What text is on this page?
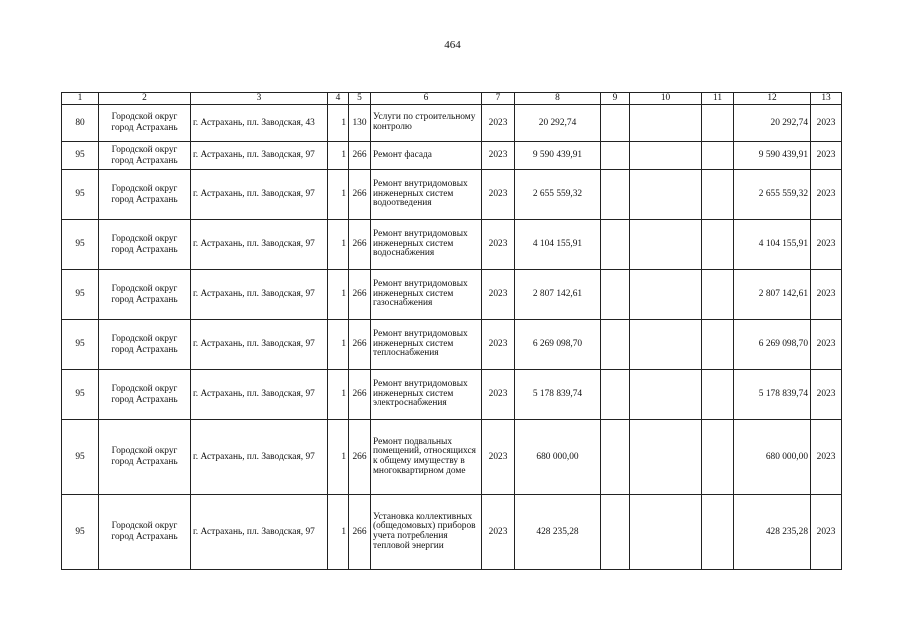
464
1	2	3	4	5	6	7	8	9	10	11	12	13
80	Городской округ город Астрахань	г. Астрахань, пл. Заводская, 43	1	130	Услуги по строительному контролю	2023	20 292,74				20 292,74	2023
95	Городской округ город Астрахань	г. Астрахань, пл. Заводская, 97	1	266	Ремонт фасада	2023	9 590 439,91				9 590 439,91	2023
95	Городской округ город Астрахань	г. Астрахань, пл. Заводская, 97	1	266	Ремонт внутридомовых инженерных систем водоотведения	2023	2 655 559,32				2 655 559,32	2023
95	Городской округ город Астрахань	г. Астрахань, пл. Заводская, 97	1	266	Ремонт внутридомовых инженерных систем водоснабжения	2023	4 104 155,91				4 104 155,91	2023
95	Городской округ город Астрахань	г. Астрахань, пл. Заводская, 97	1	266	Ремонт внутридомовых инженерных систем газоснабжения	2023	2 807 142,61				2 807 142,61	2023
95	Городской округ город Астрахань	г. Астрахань, пл. Заводская, 97	1	266	Ремонт внутридомовых инженерных систем теплоснабжения	2023	6 269 098,70				6 269 098,70	2023
95	Городской округ город Астрахань	г. Астрахань, пл. Заводская, 97	1	266	Ремонт внутридомовых инженерных систем электроснабжения	2023	5 178 839,74				5 178 839,74	2023
95	Городской округ город Астрахань	г. Астрахань, пл. Заводская, 97	1	266	Ремонт подвальных помещений, относящихся к общему имуществу в многоквартирном доме	2023	680 000,00				680 000,00	2023
95	Городской округ город Астрахань	г. Астрахань, пл. Заводская, 97	1	266	Установка коллективных (общедомовых) приборов учета потребления тепловой энергии	2023	428 235,28				428 235,28	2023
